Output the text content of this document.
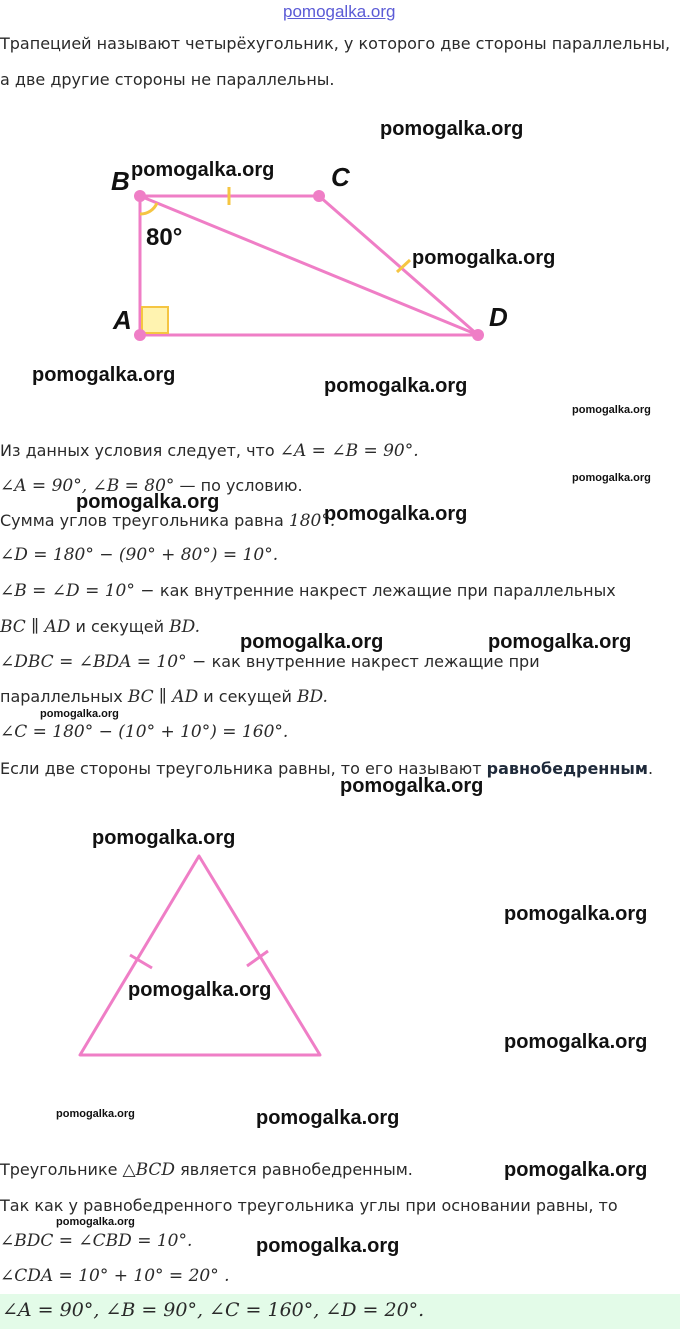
pomogalka.org
Трапецией называют четырёхугольник, у которого две стороны параллельны,
а две другие стороны не параллельны.
B	C
A	D
80°
Из данных условия следует, что ∠A = ∠B = 90°.
∠A = 90°, ∠B = 80° — по условию.
Сумма углов треугольника равна 180°.
∠D = 180° − (90° + 80°) = 10°.
∠B = ∠D = 10° − как внутренние накрест лежащие при параллельных
BC ∥ AD и секущей BD.
∠DBC = ∠BDA = 10° − как внутренние накрест лежащие при
параллельных BC ∥ AD и секущей BD.
∠C = 180° − (10° + 10°) = 160°.
Если две стороны треугольника равны, то его называют равнобедренным.
Треугольнике △BCD является равнобедренным.
Так как у равнобедренного треугольника углы при основании равны, то
∠BDC = ∠CBD = 10°.
∠CDA = 10° + 10° = 20° .
∠A = 90°, ∠B = 90°, ∠C = 160°, ∠D = 20°.
pomogalka.org
pomogalka.org
pomogalka.org
pomogalka.org	pomogalka.org
pomogalka.org
pomogalka.org
pomogalka.org
pomogalka.org
pomogalka.org	pomogalka.org
pomogalka.org
pomogalka.org
pomogalka.org
pomogalka.org
pomogalka.org
pomogalka.org
pomogalka.org	pomogalka.org
pomogalka.org
pomogalka.org
pomogalka.org
